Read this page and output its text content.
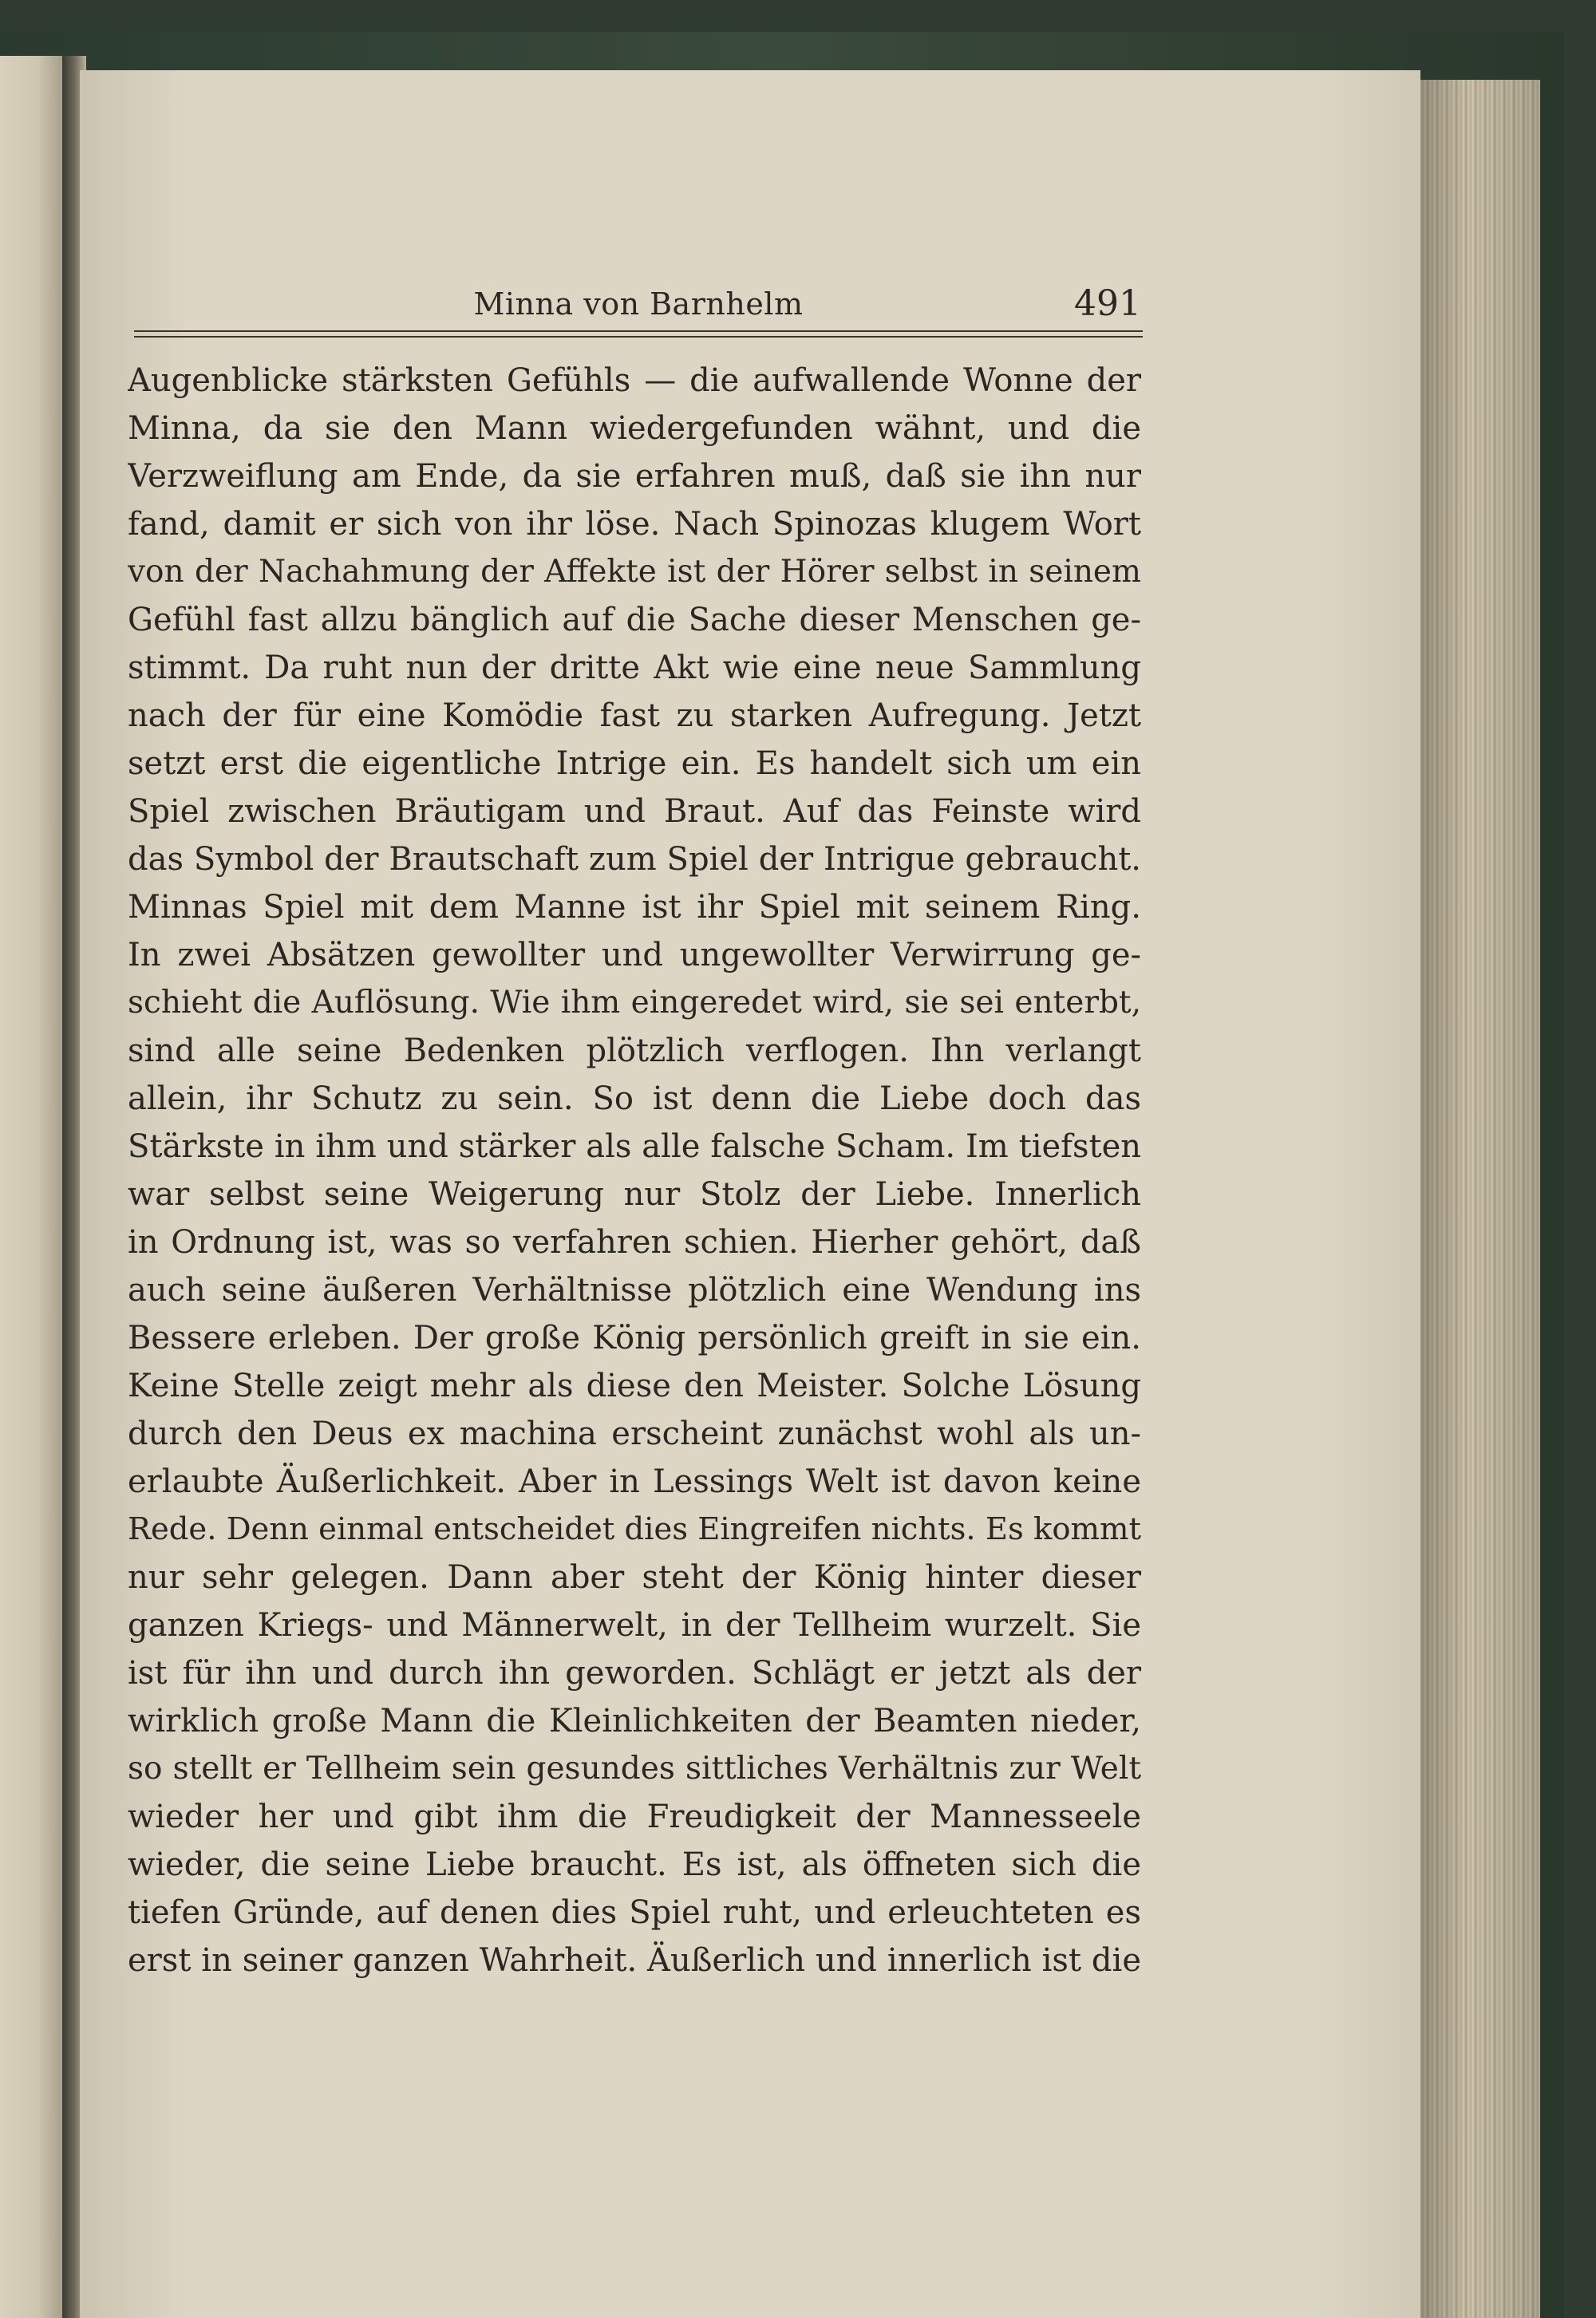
Minna von Barnhelm	491
Augenblicke stärksten Gefühls — die aufwallende Wonne der
Minna, da sie den Mann wiedergefunden wähnt, und die
Verzweiflung am Ende, da sie erfahren muß, daß sie ihn nur
fand, damit er sich von ihr löse. Nach Spinozas klugem Wort
von der Nachahmung der Affekte ist der Hörer selbst in seinem
Gefühl fast allzu bänglich auf die Sache dieser Menschen ge-
stimmt. Da ruht nun der dritte Akt wie eine neue Sammlung
nach der für eine Komödie fast zu starken Aufregung. Jetzt
setzt erst die eigentliche Intrige ein. Es handelt sich um ein
Spiel zwischen Bräutigam und Braut. Auf das Feinste wird
das Symbol der Brautschaft zum Spiel der Intrigue gebraucht.
Minnas Spiel mit dem Manne ist ihr Spiel mit seinem Ring.
In zwei Absätzen gewollter und ungewollter Verwirrung ge-
schieht die Auflösung. Wie ihm eingeredet wird, sie sei enterbt,
sind alle seine Bedenken plötzlich verflogen. Ihn verlangt
allein, ihr Schutz zu sein. So ist denn die Liebe doch das
Stärkste in ihm und stärker als alle falsche Scham. Im tiefsten
war selbst seine Weigerung nur Stolz der Liebe. Innerlich
in Ordnung ist, was so verfahren schien. Hierher gehört, daß
auch seine äußeren Verhältnisse plötzlich eine Wendung ins
Bessere erleben. Der große König persönlich greift in sie ein.
Keine Stelle zeigt mehr als diese den Meister. Solche Lösung
durch den Deus ex machina erscheint zunächst wohl als un-
erlaubte Äußerlichkeit. Aber in Lessings Welt ist davon keine
Rede. Denn einmal entscheidet dies Eingreifen nichts. Es kommt
nur sehr gelegen. Dann aber steht der König hinter dieser
ganzen Kriegs- und Männerwelt, in der Tellheim wurzelt. Sie
ist für ihn und durch ihn geworden. Schlägt er jetzt als der
wirklich große Mann die Kleinlichkeiten der Beamten nieder,
so stellt er Tellheim sein gesundes sittliches Verhältnis zur Welt
wieder her und gibt ihm die Freudigkeit der Mannesseele
wieder, die seine Liebe braucht. Es ist, als öffneten sich die
tiefen Gründe, auf denen dies Spiel ruht, und erleuchteten es
erst in seiner ganzen Wahrheit. Äußerlich und innerlich ist die
